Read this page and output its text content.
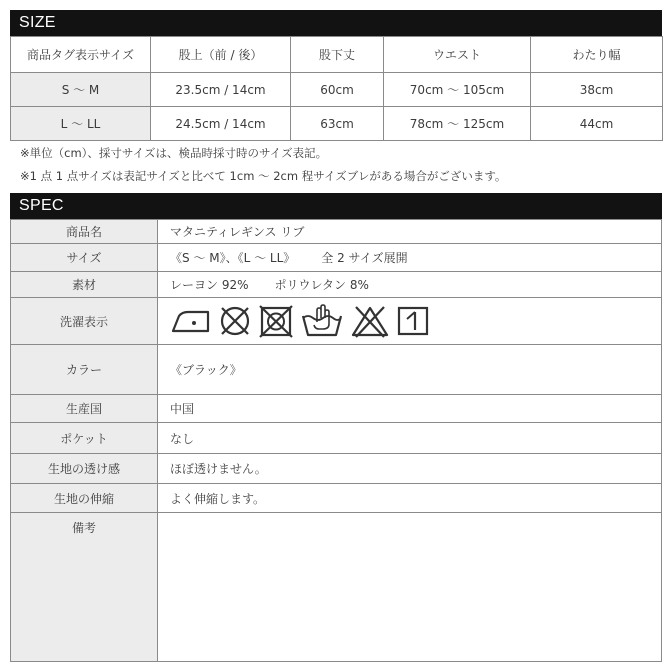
SIZE
商品タグ表示サイズ	股上（前 / 後）	股下丈	ウエスト	わたり幅
S ～ M	23.5cm / 14cm	60cm	70cm ～ 105cm	38cm
L ～ LL	24.5cm / 14cm	63cm	78cm ～ 125cm	44cm
※単位（cm）、採寸サイズは、検品時採寸時のサイズ表記。
※1 点 1 点サイズは表記サイズと比べて 1cm ～ 2cm 程サイズブレがある場合がございます。
SPEC
商品名	マタニティレギンス リブ
サイズ	《S ～ M》、《L ～ LL》 全 2 サイズ展開
素材	レーヨン 92% ポリウレタン 8%
洗濯表示	

カラー	《ブラック》
生産国	中国
ポケット	なし
生地の透け感	ほぼ透けません。
生地の伸縮	よく伸縮します。
備考	
